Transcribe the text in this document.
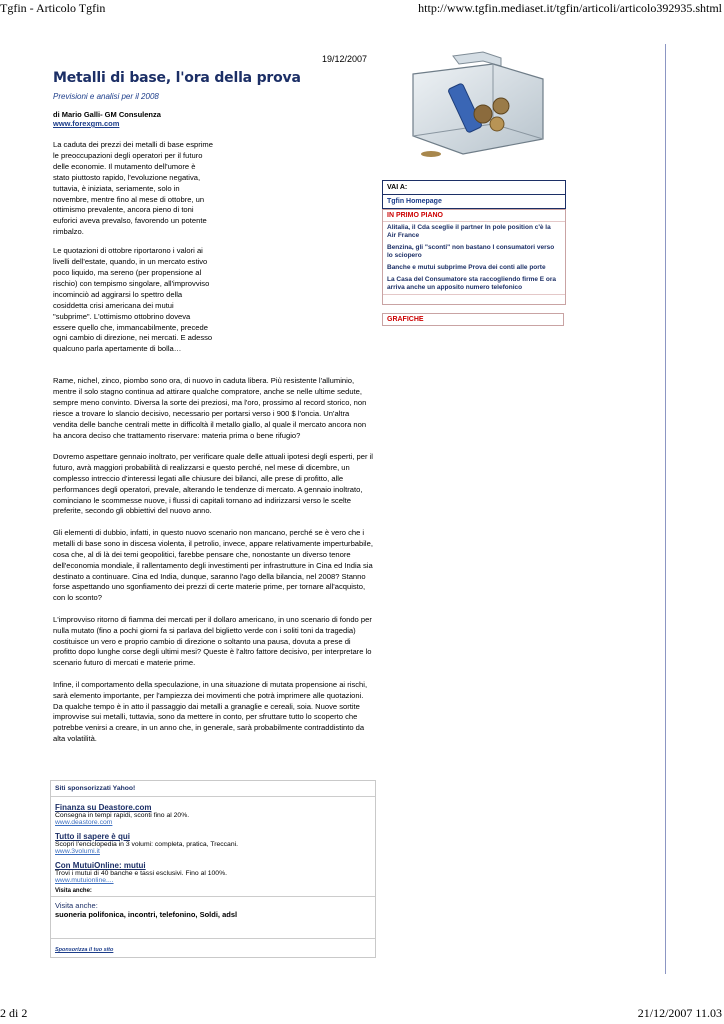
Tgfin - Articolo Tgfin	http://www.tgfin.mediaset.it/tgfin/articoli/articolo392935.shtml
19/12/2007
Metalli di base, l'ora della prova
Previsioni e analisi per il 2008
di Mario Galli- GM Consulenza
www.forexgm.com

La caduta dei prezzi dei metalli di base esprime le preoccupazioni degli operatori per il futuro delle economie. Il mutamento dell'umore è stato piuttosto rapido, l'evoluzione negativa, tuttavia, è iniziata, seriamente, solo in novembre, mentre fino al mese di ottobre, un ottimismo prevalente, ancora pieno di toni euforici aveva prevalso, favorendo un potente rimbalzo.

Le quotazioni di ottobre riportarono i valori ai livelli dell'estate, quando, in un mercato estivo poco liquido, ma sereno (per propensione al rischio) con tempismo singolare, all'improvviso incominciò ad aggirarsi lo spettro della cosiddetta crisi americana dei mutui "subprime". L'ottimismo ottobrino doveva essere quello che, immancabilmente, precede ogni cambio di direzione, nei mercati. E adesso qualcuno parla apertamente di bolla…

Rame, nichel, zinco, piombo sono ora, di nuovo in caduta libera. Più resistente l'alluminio, mentre il solo stagno continua ad attirare qualche compratore, anche se nelle ultime sedute, sempre meno convinto. Diversa la sorte dei preziosi, ma l'oro, prossimo al record storico, non riesce a trovare lo slancio decisivo, necessario per portarsi verso i 900 $ l'oncia. Un'altra vendita delle banche centrali mette in difficoltà il metallo giallo, al quale il mercato ancora non ha ancora deciso che trattamento riservare: materia prima o bene rifugio?

Dovremo aspettare gennaio inoltrato, per verificare quale delle attuali ipotesi degli esperti, per il futuro, avrà maggiori probabilità di realizzarsi e questo perché, nel mese di dicembre, un complesso intreccio d'interessi legati alle chiusure dei bilanci, alle prese di profitto, alle performances degli operatori, prevale, alterando le tendenze di mercato. A gennaio inoltrato, cominciano le scommesse nuove, i flussi di capitali tornano ad indirizzarsi verso le scelte preferite, secondo gli obbiettivi del nuovo anno.

Gli elementi di dubbio, infatti, in questo nuovo scenario non mancano, perché se è vero che i metalli di base sono in discesa violenta, il petrolio, invece, appare relativamente imperturbabile, cosa che, al di là dei temi geopolitici, farebbe pensare che, nonostante un diverso tenore dell'economia mondiale, il rallentamento degli investimenti per infrastrutture in Cina ed India sia destinato a continuare. Cina ed India, dunque, saranno l'ago della bilancia, nel 2008? Stanno forse aspettando uno sgonfiamento dei prezzi di certe materie prime, per tornare all'acquisto, con lo sconto?

L'improvviso ritorno di fiamma dei mercati per il dollaro americano, in uno scenario di fondo per nulla mutato (fino a pochi giorni fa si parlava del biglietto verde con i soliti toni da tragedia) costituisce un vero e proprio cambio di direzione o soltanto una pausa, dovuta a prese di profitto dopo lunghe corse degli ultimi mesi? Queste è l'altro fattore decisivo, per interpretare lo scenario futuro di mercati e materie prime.

Infine, il comportamento della speculazione, in una situazione di mutata propensione ai rischi, sarà elemento importante, per l'ampiezza dei movimenti che potrà imprimere alle quotazioni. Da qualche tempo è in atto il passaggio dai metalli a granaglie e cereali, soia. Nuove sortite improvvise sui metalli, tuttavia, sono da mettere in conto, per sfruttare tutto lo scoperto che potrebbe venirsi a creare, in un anno che, in generale, sarà probabilmente contraddistinto da alta volatilità.

VAI A:
Tgfin Homepage
IN PRIMO PIANO
Alitalia, il Cda sceglie il partner In pole position c'è la Air France
Benzina, gli "sconti" non bastano I consumatori verso lo sciopero
Banche e mutui subprime Prova dei conti alle porte
La Casa del Consumatore sta raccogliendo firme E ora arriva anche un apposito numero telefonico
GRAFICHE
Siti sponsorizzati Yahoo!
Finanza su Deastore.com
Consegna in tempi rapidi, sconti fino al 20%.
www.deastore.com
Tutto il sapere è qui
Scopri l'enciclopedia in 3 volumi: completa, pratica, Treccani.
www.3volumi.it
Con MutuiOnline: mutui
Trovi i mutui di 40 banche e tassi esclusivi. Fino al 100%.
www.mutuionline....
Visita anche:
Visita anche:
suoneria polifonica, incontri, telefonino, Soldi, adsl
Sponsorizza il tuo sito
2 di 2	21/12/2007 11.03
